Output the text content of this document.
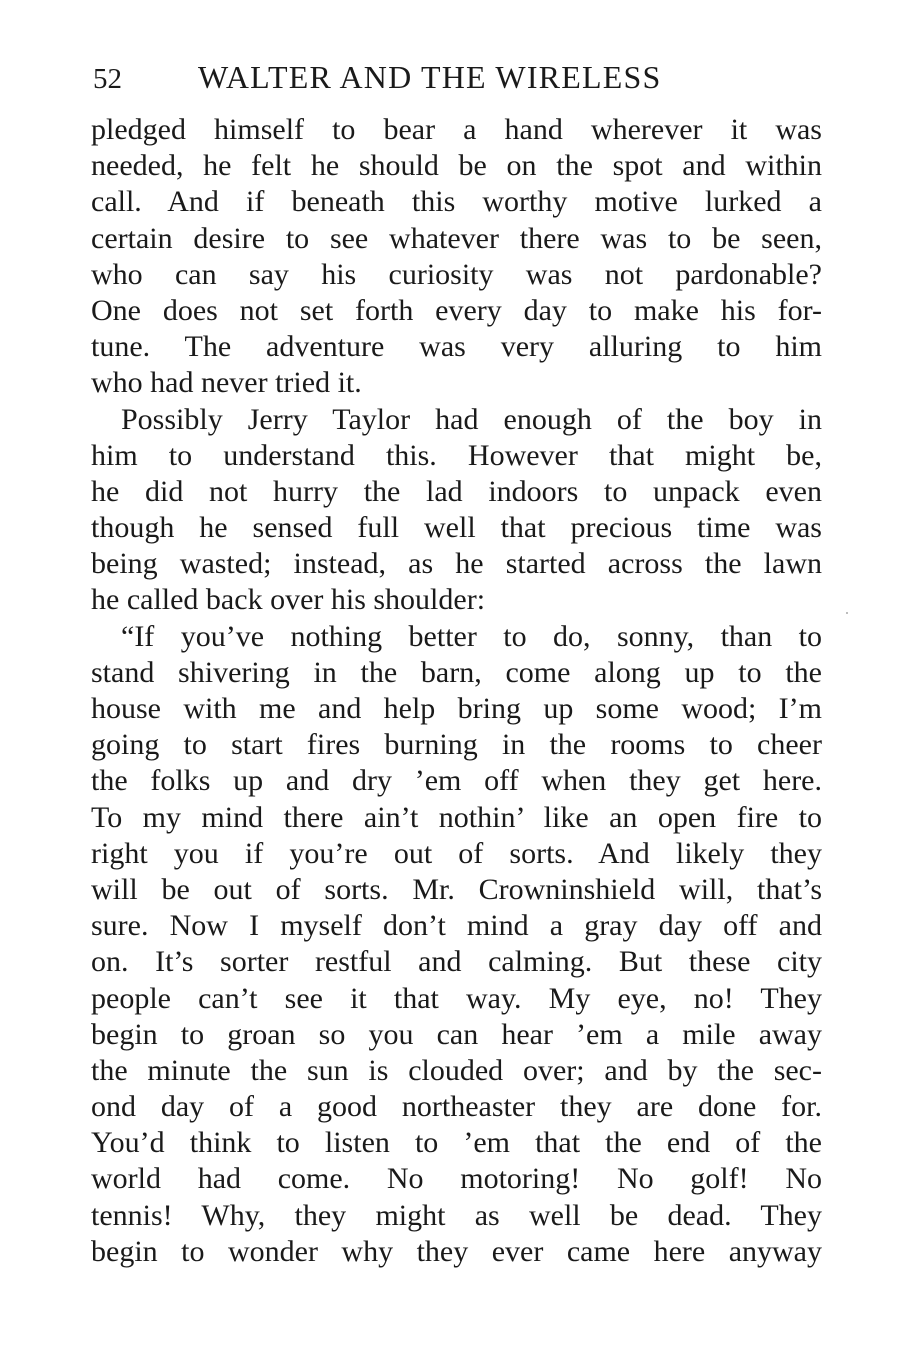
52 WALTER AND THE WIRELESS
pledged himself to bear a hand wherever it was
needed, he felt he should be on the spot and within
call. And if beneath this worthy motive lurked a
certain desire to see whatever there was to be seen,
who can say his curiosity was not pardonable?
One does not set forth every day to make his for-
tune. The adventure was very alluring to him
who had never tried it.
Possibly Jerry Taylor had enough of the boy in
him to understand this. However that might be,
he did not hurry the lad indoors to unpack even
though he sensed full well that precious time was
being wasted; instead, as he started across the lawn
he called back over his shoulder:
“If you’ve nothing better to do, sonny, than to
stand shivering in the barn, come along up to the
house with me and help bring up some wood; I’m
going to start fires burning in the rooms to cheer
the folks up and dry ’em off when they get here.
To my mind there ain’t nothin’ like an open fire to
right you if you’re out of sorts. And likely they
will be out of sorts. Mr. Crowninshield will, that’s
sure. Now I myself don’t mind a gray day off and
on. It’s sorter restful and calming. But these city
people can’t see it that way. My eye, no! They
begin to groan so you can hear ’em a mile away
the minute the sun is clouded over; and by the sec-
ond day of a good northeaster they are done for.
You’d think to listen to ’em that the end of the
world had come. No motoring! No golf! No
tennis! Why, they might as well be dead. They
begin to wonder why they ever came here anyway
